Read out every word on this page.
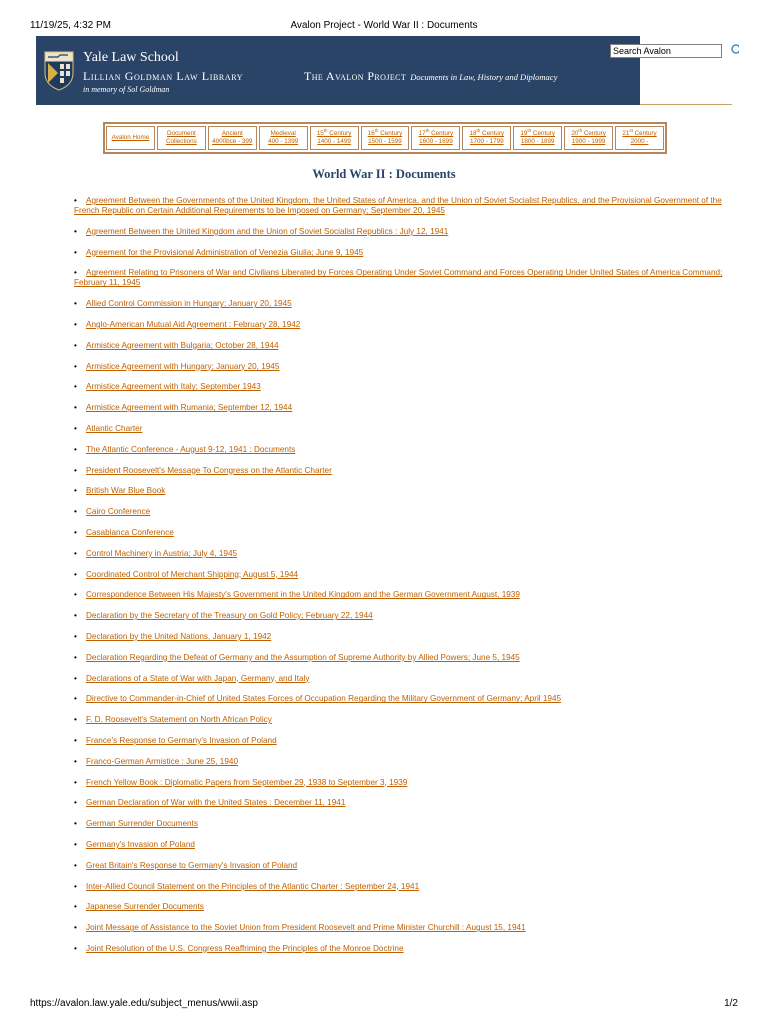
11/19/25, 4:32 PM	Avalon Project - World War II : Documents
Yale Law School
Lillian Goldman Law Library
in memory of Sol Goldman
The Avalon Project Documents in Law, History and Diplomacy
Search Avalon
Avalon Home
Document
Collections
Ancient
4000bce - 399
Medieval
400 - 1399
15th Century
1400 - 1499
16th Century
1500 - 1599
17th Century
1600 - 1699
18th Century
1700 - 1799
19th Century
1800 - 1899
20th Century
1900 - 1999
21st Century
2000 -
World War II : Documents
• Agreement Between the Governments of the United Kingdom, the United States of America, and the Union of Soviet Socialist Republics, and the Provisional Government of the French Republic on Certain Additional Requirements to be Imposed on Germany; September 20, 1945
• Agreement Between the United Kingdom and the Union of Soviet Socialist Republics : July 12, 1941
• Agreement for the Provisional Administration of Venezia Giulia; June 9, 1945
• Agreement Relating to Prisoners of War and Civilians Liberated by Forces Operating Under Soviet Command and Forces Operating Under United States of America Command; February 11, 1945
• Allied Control Commission in Hungary; January 20, 1945
• Anglo-American Mutual Aid Agreement : February 28, 1942
• Armistice Agreement with Bulgaria; October 28, 1944
• Armistice Agreement with Hungary; January 20, 1945
• Armistice Agreement with Italy; September 1943
• Armistice Agreement with Rumania; September 12, 1944
• Atlantic Charter
• The Atlantic Conference - August 9-12, 1941 : Documents
• President Roosevelt's Message To Congress on the Atlantic Charter
• British War Blue Book
• Cairo Conference
• Casablanca Conference
• Control Machinery in Austria; July 4, 1945
• Coordinated Control of Merchant Shipping; August 5, 1944
• Correspondence Between His Majesty's Government in the United Kingdom and the German Government August, 1939
• Declaration by the Secretary of the Treasury on Gold Policy; February 22, 1944
• Declaration by the United Nations, January 1, 1942
• Declaration Regarding the Defeat of Germany and the Assumption of Supreme Authority by Allied Powers; June 5, 1945
• Declarations of a State of War with Japan, Germany, and Italy
• Directive to Commander-in-Chief of United States Forces of Occupation Regarding the Military Government of Germany; April 1945
• F. D. Roosevelt's Statement on North African Policy
• France's Response to Germany's Invasion of Poland
• Franco-German Armistice : June 25, 1940
• French Yellow Book : Diplomatic Papers from September 29, 1938 to September 3, 1939
• German Declaration of War with the United States : December 11, 1941
• German Surrender Documents
• Germany's Invasion of Poland
• Great Britain's Response to Germany's Invasion of Poland
• Inter-Allied Council Statement on the Principles of the Atlantic Charter : September 24, 1941
• Japanese Surrender Documents
• Joint Message of Assistance to the Soviet Union from President Roosevelt and Prime Minister Churchill : August 15, 1941
• Joint Resolution of the U.S. Congress Reaffriming the Principles of the Monroe Doctrine
https://avalon.law.yale.edu/subject_menus/wwii.asp	1/2
